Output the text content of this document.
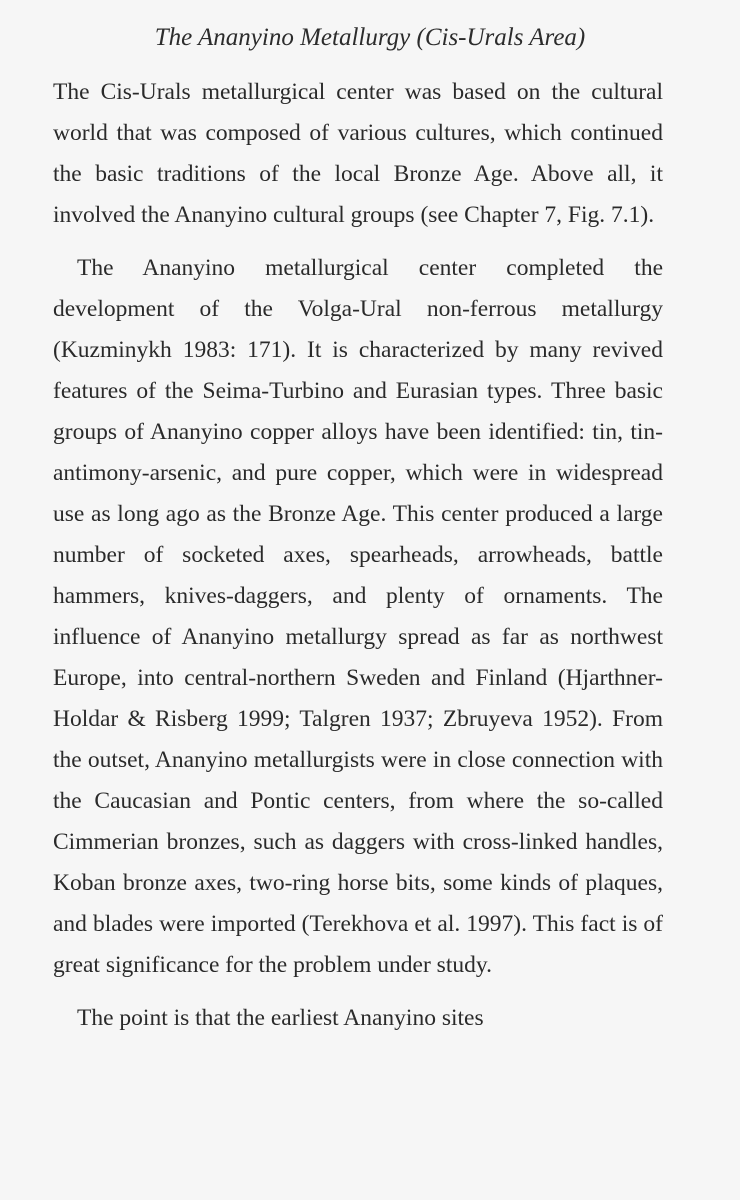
The Ananyino Metallurgy (Cis-Urals Area)

The Cis-Urals metallurgical center was based on the cultural world that was composed of various cultures, which continued the basic traditions of the local Bronze Age. Above all, it involved the Ananyino cultural groups (see Chapter 7, Fig. 7.1).

The Ananyino metallurgical center completed the development of the Volga-Ural non-ferrous metallurgy (Kuzminykh 1983: 171). It is characterized by many revived features of the Seima-Turbino and Eurasian types. Three basic groups of Ananyino copper alloys have been identified: tin, tin-antimony-arsenic, and pure copper, which were in widespread use as long ago as the Bronze Age. This center produced a large number of socketed axes, spearheads, arrowheads, battle hammers, knives-daggers, and plenty of ornaments. The influence of Ananyino metallurgy spread as far as northwest Europe, into central-northern Sweden and Finland (Hjarthner-Holdar & Risberg 1999; Talgren 1937; Zbruyeva 1952). From the outset, Ananyino metallurgists were in close connection with the Caucasian and Pontic centers, from where the so-called Cimmerian bronzes, such as daggers with cross-linked handles, Koban bronze axes, two-ring horse bits, some kinds of plaques, and blades were imported (Terekhova et al. 1997). This fact is of great significance for the problem under study.

The point is that the earliest Ananyino sites
